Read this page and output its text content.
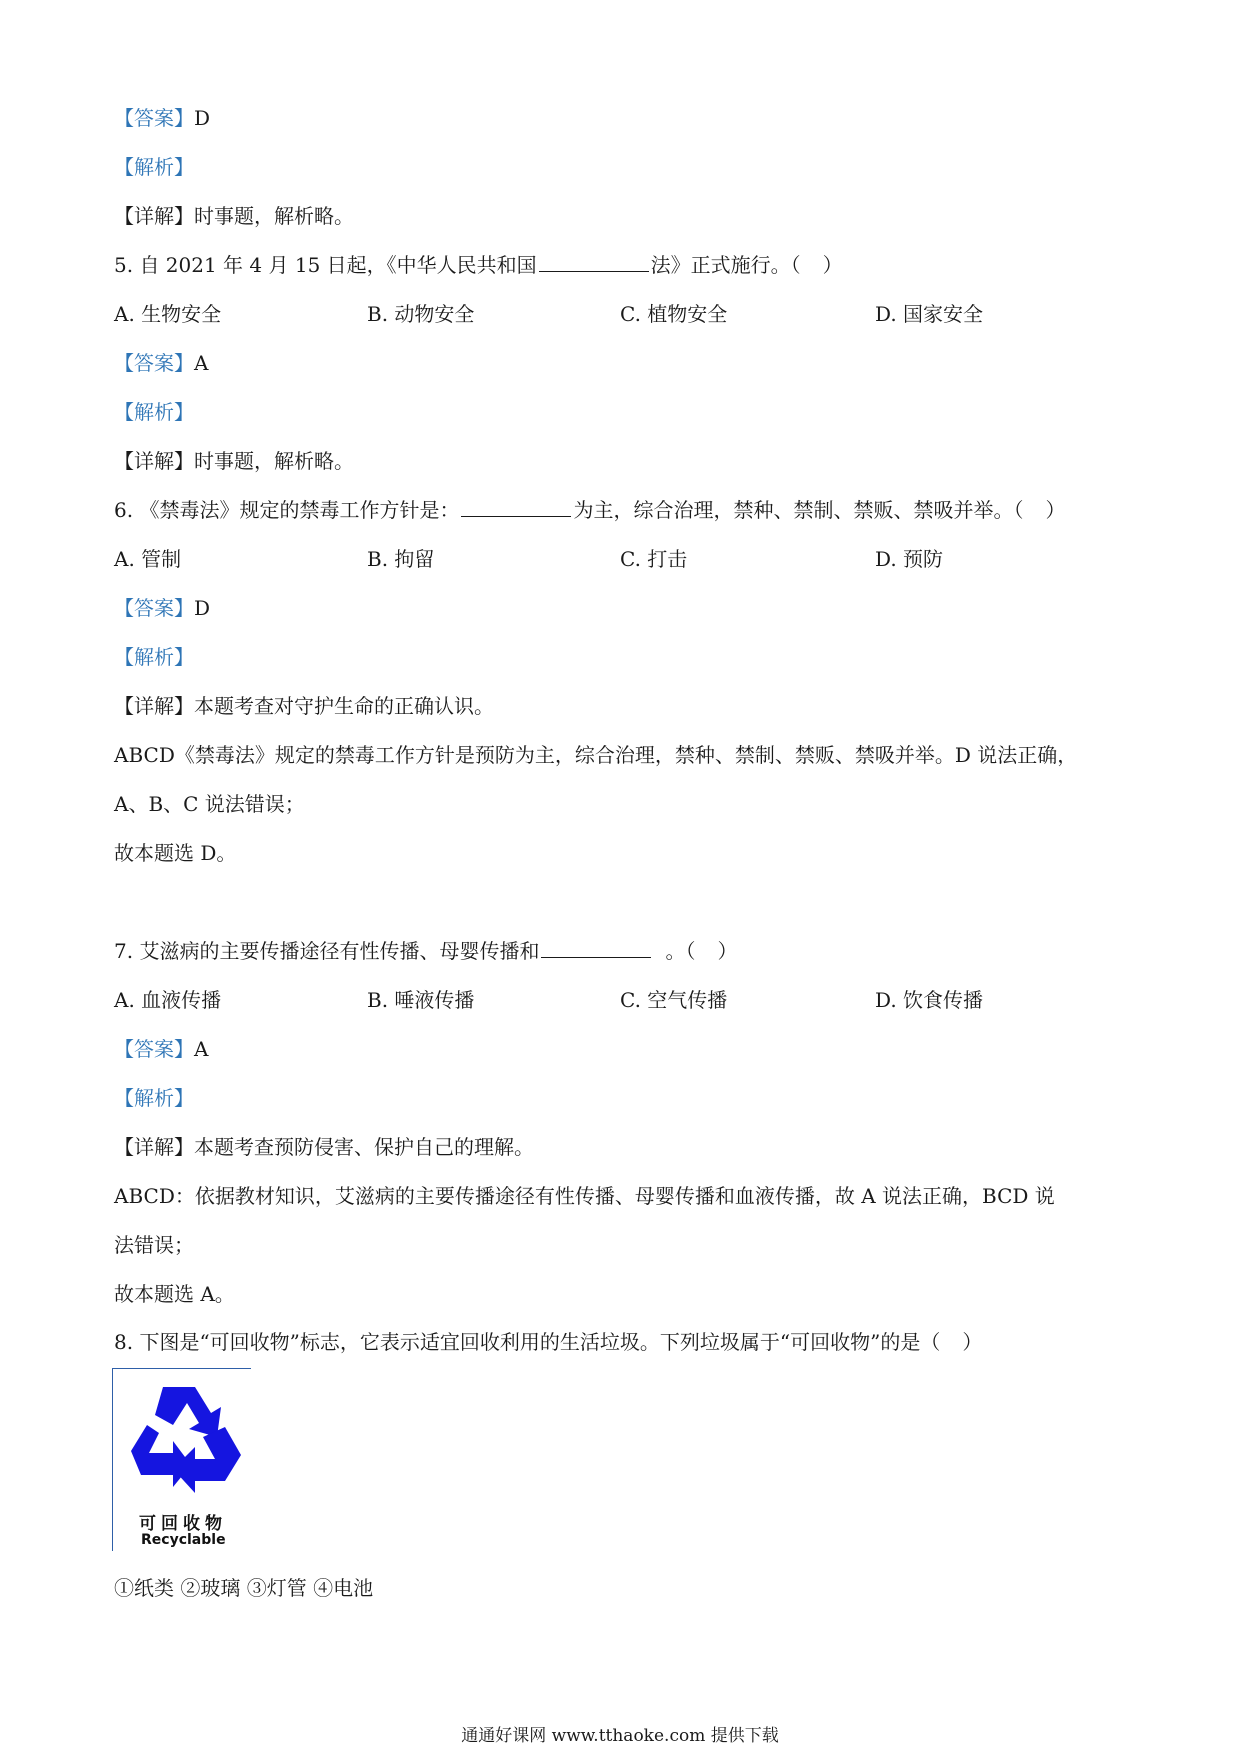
【答案】D
【解析】
【详解】时事题，解析略。
5. 自 2021 年 4 月 15 日起，《中华人民共和国	法》正式施行。（ ）
A. 生物安全	B. 动物安全	C. 植物安全	D. 国家安全
【答案】A
【解析】
【详解】时事题，解析略。
6. 《禁毒法》规定的禁毒工作方针是：	为主，综合治理，禁种、禁制、禁贩、禁吸并举。（ ）
A. 管制	B. 拘留	C. 打击	D. 预防
【答案】D
【解析】
【详解】本题考查对守护生命的正确认识。
ABCD《禁毒法》规定的禁毒工作方针是预防为主，综合治理，禁种、禁制、禁贩、禁吸并举。D 说法正确，
A、B、C 说法错误；
故本题选 D。
7. 艾滋病的主要传播途径有性传播、母婴传播和	。（ ）
A. 血液传播	B. 唾液传播	C. 空气传播	D. 饮食传播
【答案】A
【解析】
【详解】本题考查预防侵害、保护自己的理解。
ABCD：依据教材知识，艾滋病的主要传播途径有性传播、母婴传播和血液传播，故 A 说法正确，BCD 说
法错误；
故本题选 A。
8. 下图是“可回收物”标志，它表示适宜回收利用的生活垃圾。下列垃圾属于“可回收物”的是（ ）
可回收物
Recyclable
①纸类 ②玻璃 ③灯管 ④电池
通通好课网 www.tthaoke.com 提供下载
